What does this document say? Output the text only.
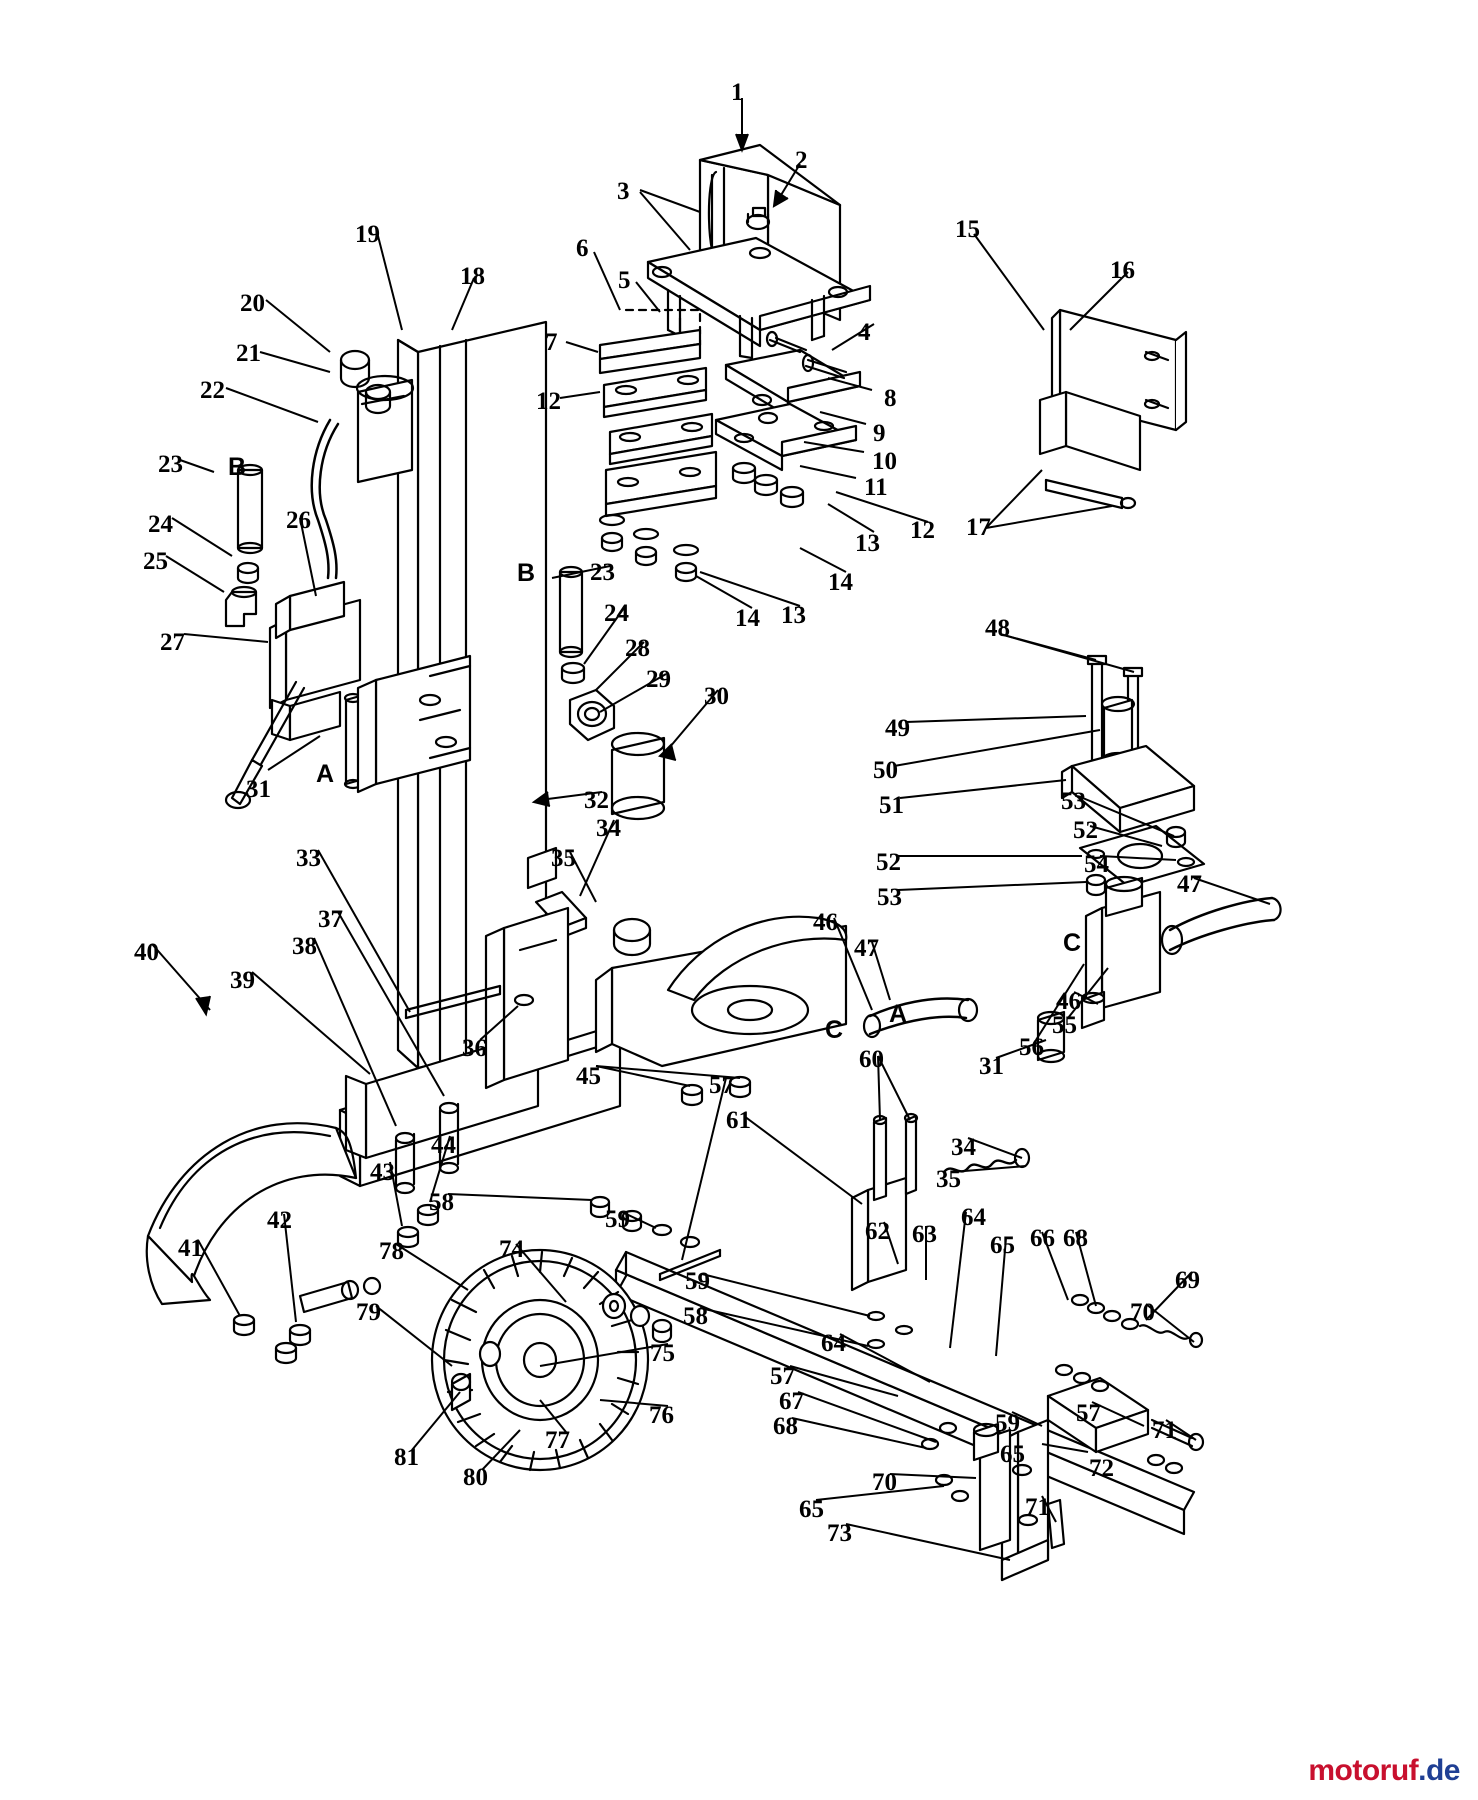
1
2
3
15
16
19
6
18	5
20
7	4
21
12	8
22
9
10
11
23
13 12 17
24
25
14
26
23
13
27
24	14
28
29
30
48
31
49
50
51
32	53
34	52
33	35	52	54
53	47
37	46
38	47
40
39
46
55
36	56
31
45
60
44
57
43
61
34
41
42
58
35
74
59	62 63
64
65 66 68
78
59	69
58
79	70
64
75
57
67
76	68	59 57
71
77
65
72
81
80	70
65	71
73
B
B
A
C
A
C
motoruf.de
